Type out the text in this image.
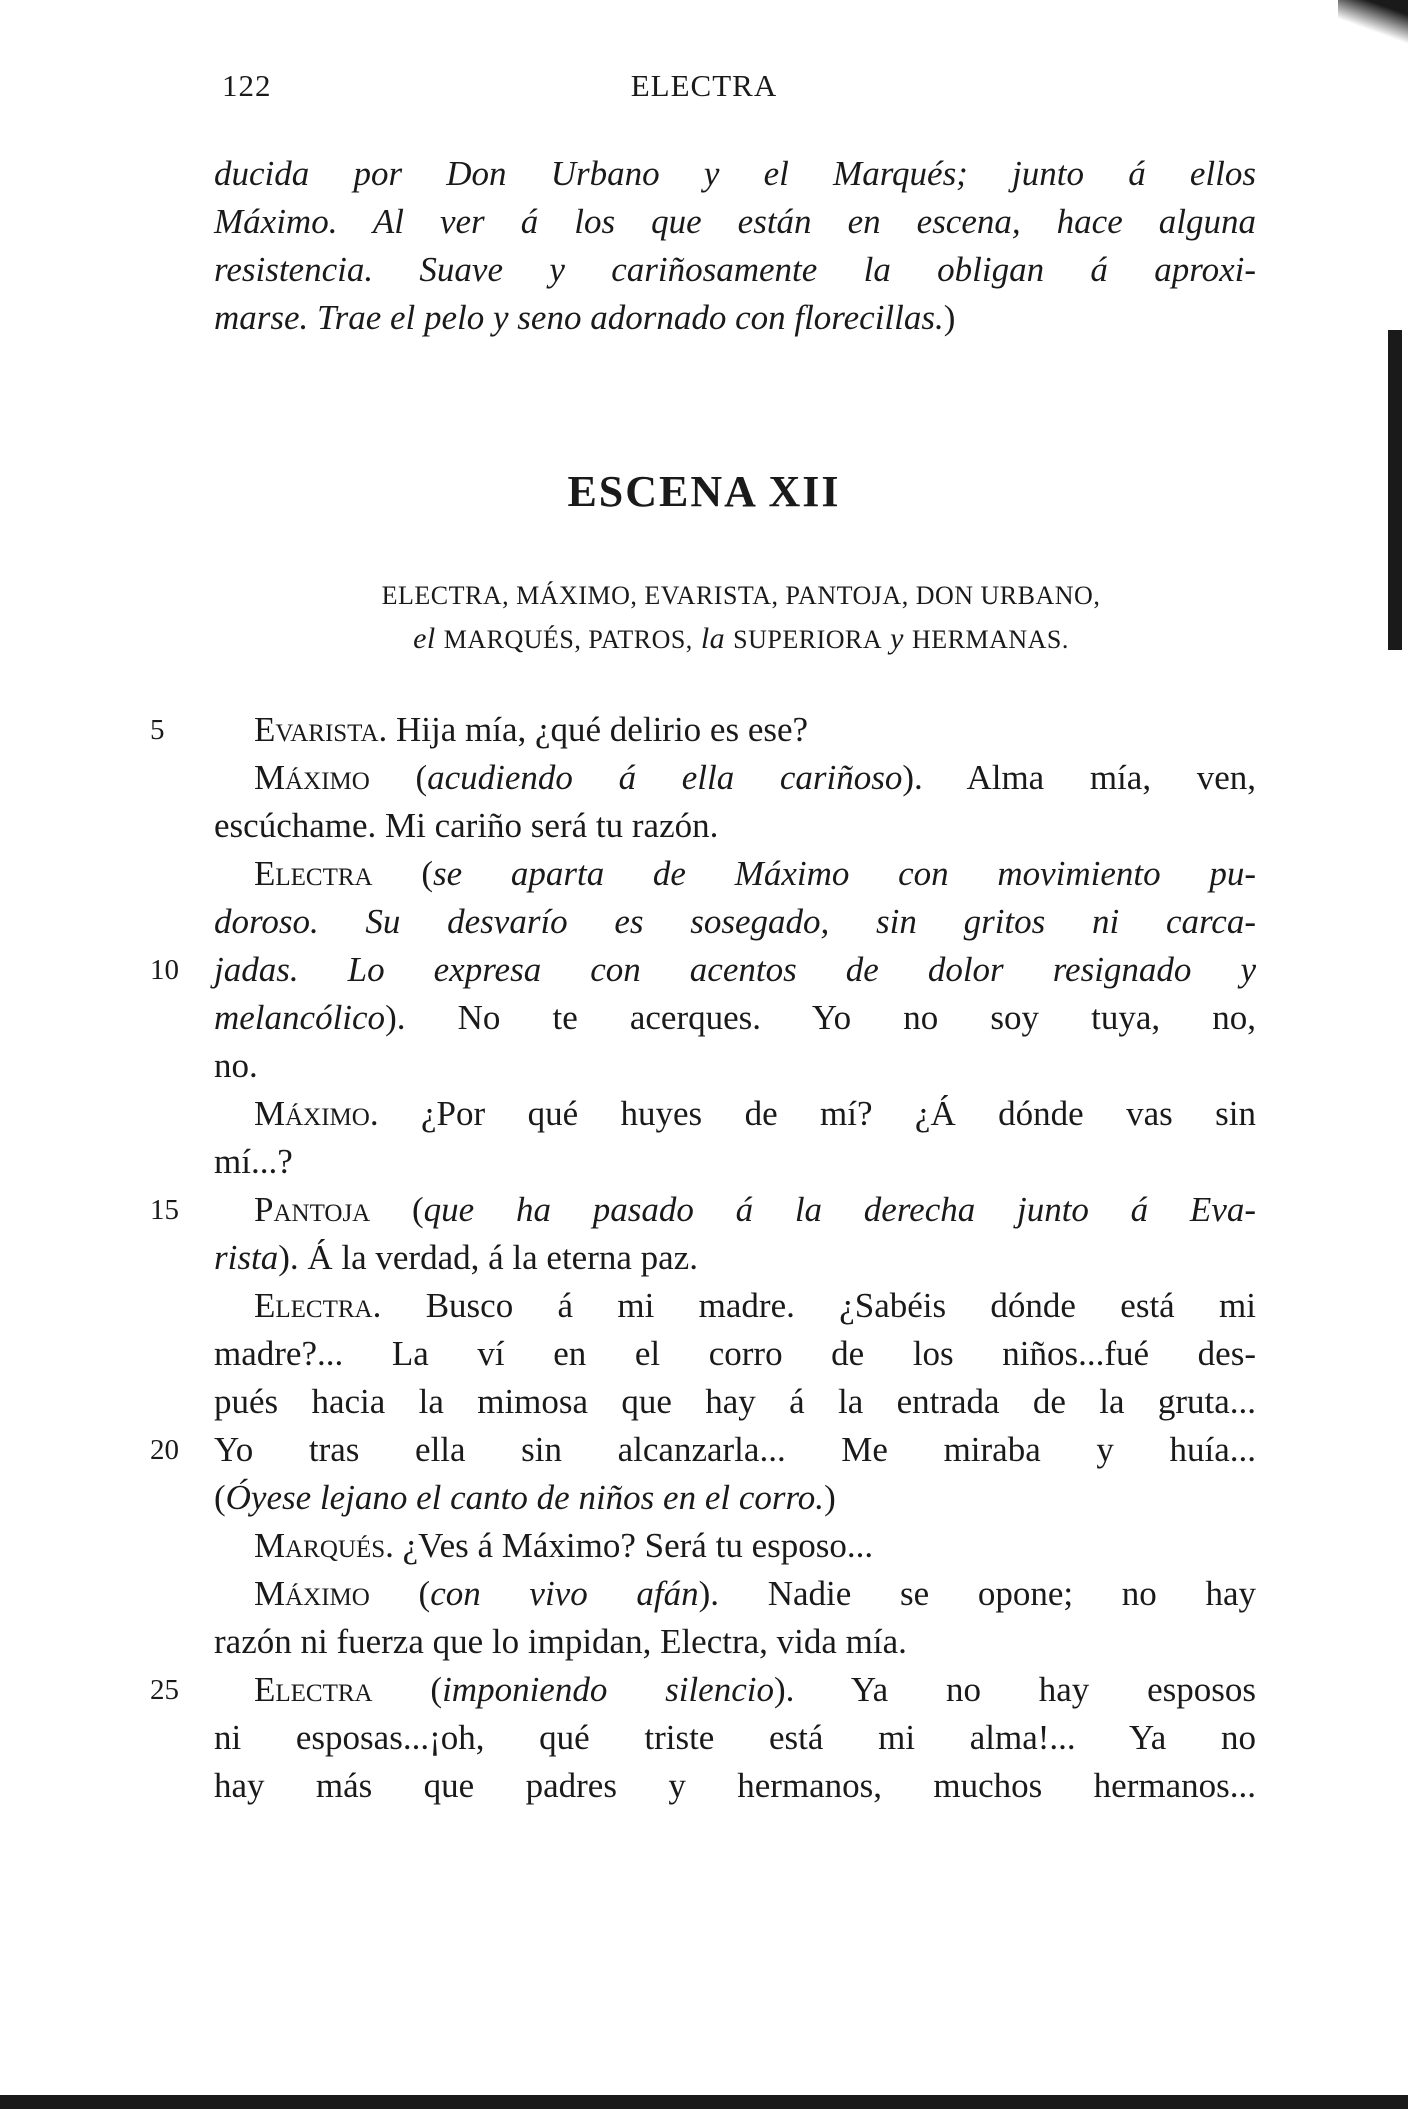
122	ELECTRA

ducida por Don Urbano y el Marqués; junto á ellos

Máximo. Al ver á los que están en escena, hace alguna

resistencia. Suave y cariñosamente la obligan á aproxi-

marse. Trae el pelo y seno adornado con florecillas.)

ESCENA XII

ELECTRA, MÁXIMO, EVARISTA, PANTOJA, DON URBANO,

el MARQUÉS, PATROS, la SUPERIORA y HERMANAS.

5
10
15
20
25

Evarista. Hija mía, ¿qué delirio es ese?

Máximo (acudiendo á ella cariñoso). Alma mía, ven,

escúchame. Mi cariño será tu razón.

Electra (se aparta de Máximo con movimiento pu-

doroso. Su desvarío es sosegado, sin gritos ni carca-

jadas. Lo expresa con acentos de dolor resignado y

melancólico). No te acerques. Yo no soy tuya, no,

no.

Máximo. ¿Por qué huyes de mí? ¿Á dónde vas sin

mí...?

Pantoja (que ha pasado á la derecha junto á Eva-

rista). Á la verdad, á la eterna paz.

Electra. Busco á mi madre. ¿Sabéis dónde está mi

madre?... La ví en el corro de los niños...fué des-

pués hacia la mimosa que hay á la entrada de la gruta...

Yo tras ella sin alcanzarla... Me miraba y huía...

(Óyese lejano el canto de niños en el corro.)

Marqués. ¿Ves á Máximo? Será tu esposo...

Máximo (con vivo afán). Nadie se opone; no hay

razón ni fuerza que lo impidan, Electra, vida mía.

Electra (imponiendo silencio). Ya no hay esposos

ni esposas...¡oh, qué triste está mi alma!... Ya no

hay más que padres y hermanos, muchos hermanos...
